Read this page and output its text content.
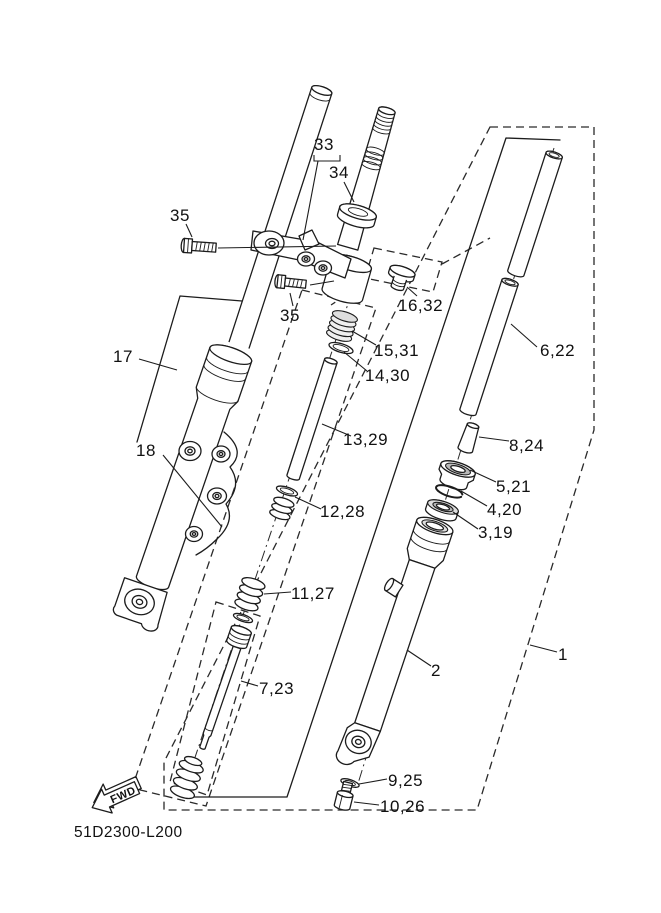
33
34
35
35
16,32
15,31
14,30
13,29
12,28
11,27
7,23
17
18
6,22
8,24
5,21
4,20
3,19
2
1
9,25
10,26
FWD
51D2300-L200
